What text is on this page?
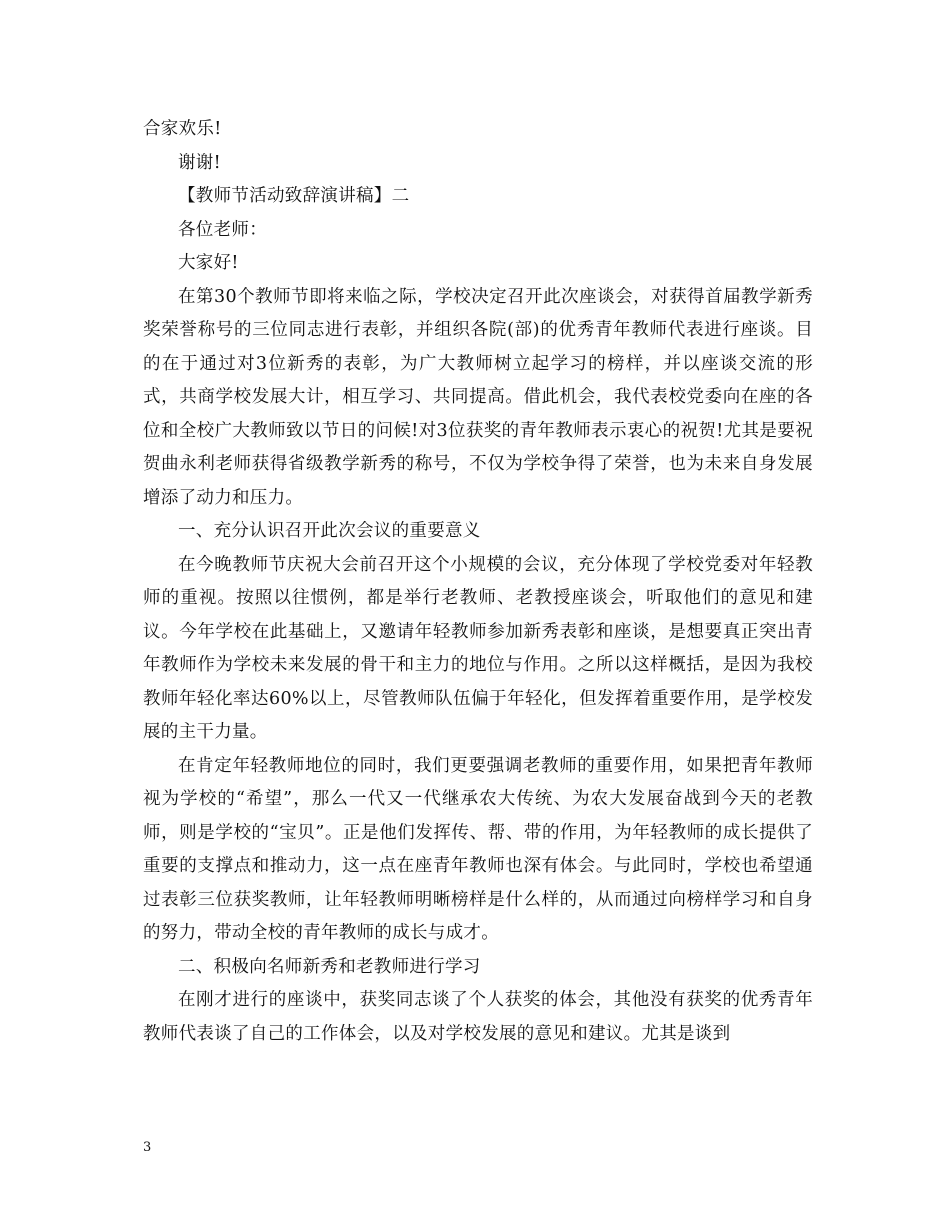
合家欢乐!

谢谢!

【教师节活动致辞演讲稿】二

各位老师：

大家好!

在第30个教师节即将来临之际，学校决定召开此次座谈会，对获得首届教学新秀奖荣誉称号的三位同志进行表彰，并组织各院(部)的优秀青年教师代表进行座谈。目的在于通过对3位新秀的表彰，为广大教师树立起学习的榜样，并以座谈交流的形式，共商学校发展大计，相互学习、共同提高。借此机会，我代表校党委向在座的各位和全校广大教师致以节日的问候!对3位获奖的青年教师表示衷心的祝贺!尤其是要祝贺曲永利老师获得省级教学新秀的称号，不仅为学校争得了荣誉，也为未来自身发展增添了动力和压力。

一、充分认识召开此次会议的重要意义

在今晚教师节庆祝大会前召开这个小规模的会议，充分体现了学校党委对年轻教师的重视。按照以往惯例，都是举行老教师、老教授座谈会，听取他们的意见和建议。今年学校在此基础上，又邀请年轻教师参加新秀表彰和座谈，是想要真正突出青年教师作为学校未来发展的骨干和主力的地位与作用。之所以这样概括，是因为我校教师年轻化率达60%以上，尽管教师队伍偏于年轻化，但发挥着重要作用，是学校发展的主干力量。

在肯定年轻教师地位的同时，我们更要强调老教师的重要作用，如果把青年教师视为学校的“希望”，那么一代又一代继承农大传统、为农大发展奋战到今天的老教师，则是学校的“宝贝”。正是他们发挥传、帮、带的作用，为年轻教师的成长提供了重要的支撑点和推动力，这一点在座青年教师也深有体会。与此同时，学校也希望通过表彰三位获奖教师，让年轻教师明晰榜样是什么样的，从而通过向榜样学习和自身的努力，带动全校的青年教师的成长与成才。

二、积极向名师新秀和老教师进行学习

在刚才进行的座谈中，获奖同志谈了个人获奖的体会，其他没有获奖的优秀青年教师代表谈了自己的工作体会，以及对学校发展的意见和建议。尤其是谈到

3
